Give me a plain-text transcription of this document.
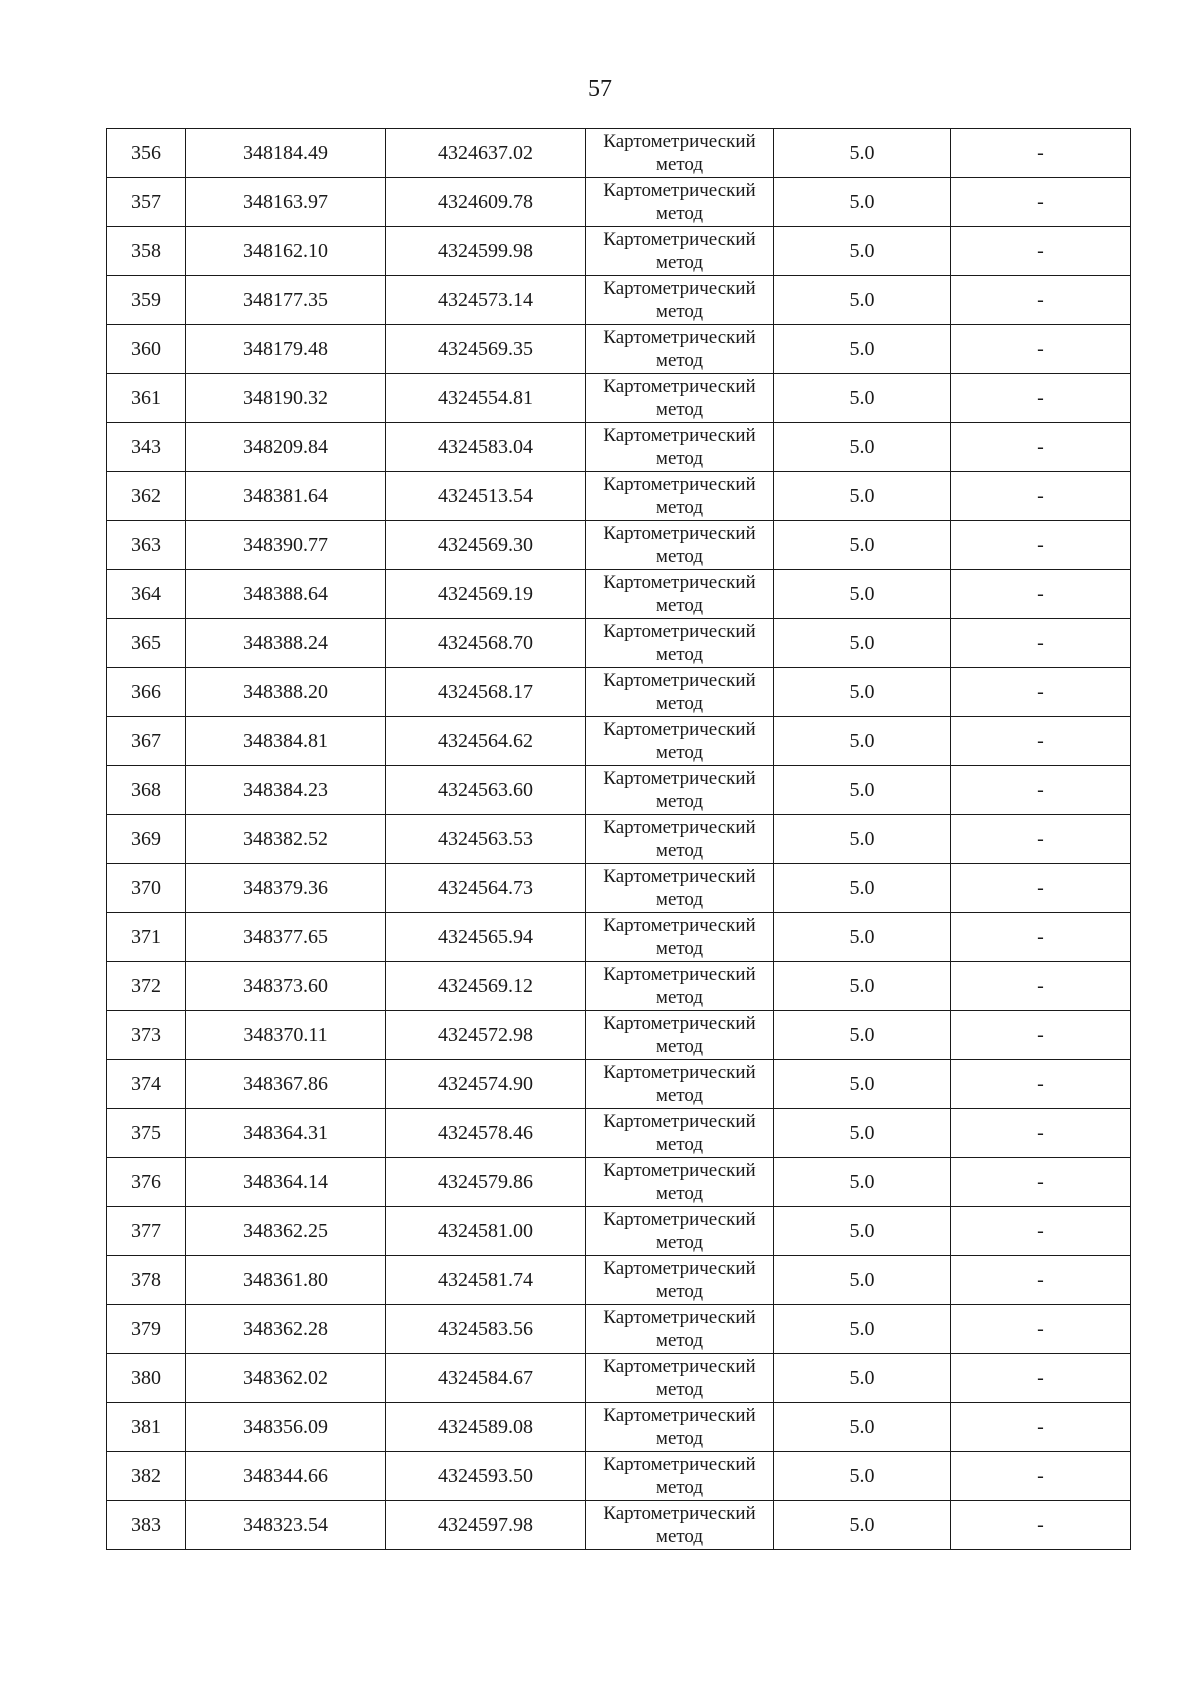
57
356	348184.49	4324637.02	Картометрический метод	5.0	-
357	348163.97	4324609.78	Картометрический метод	5.0	-
358	348162.10	4324599.98	Картометрический метод	5.0	-
359	348177.35	4324573.14	Картометрический метод	5.0	-
360	348179.48	4324569.35	Картометрический метод	5.0	-
361	348190.32	4324554.81	Картометрический метод	5.0	-
343	348209.84	4324583.04	Картометрический метод	5.0	-
362	348381.64	4324513.54	Картометрический метод	5.0	-
363	348390.77	4324569.30	Картометрический метод	5.0	-
364	348388.64	4324569.19	Картометрический метод	5.0	-
365	348388.24	4324568.70	Картометрический метод	5.0	-
366	348388.20	4324568.17	Картометрический метод	5.0	-
367	348384.81	4324564.62	Картометрический метод	5.0	-
368	348384.23	4324563.60	Картометрический метод	5.0	-
369	348382.52	4324563.53	Картометрический метод	5.0	-
370	348379.36	4324564.73	Картометрический метод	5.0	-
371	348377.65	4324565.94	Картометрический метод	5.0	-
372	348373.60	4324569.12	Картометрический метод	5.0	-
373	348370.11	4324572.98	Картометрический метод	5.0	-
374	348367.86	4324574.90	Картометрический метод	5.0	-
375	348364.31	4324578.46	Картометрический метод	5.0	-
376	348364.14	4324579.86	Картометрический метод	5.0	-
377	348362.25	4324581.00	Картометрический метод	5.0	-
378	348361.80	4324581.74	Картометрический метод	5.0	-
379	348362.28	4324583.56	Картометрический метод	5.0	-
380	348362.02	4324584.67	Картометрический метод	5.0	-
381	348356.09	4324589.08	Картометрический метод	5.0	-
382	348344.66	4324593.50	Картометрический метод	5.0	-
383	348323.54	4324597.98	Картометрический метод	5.0	-
